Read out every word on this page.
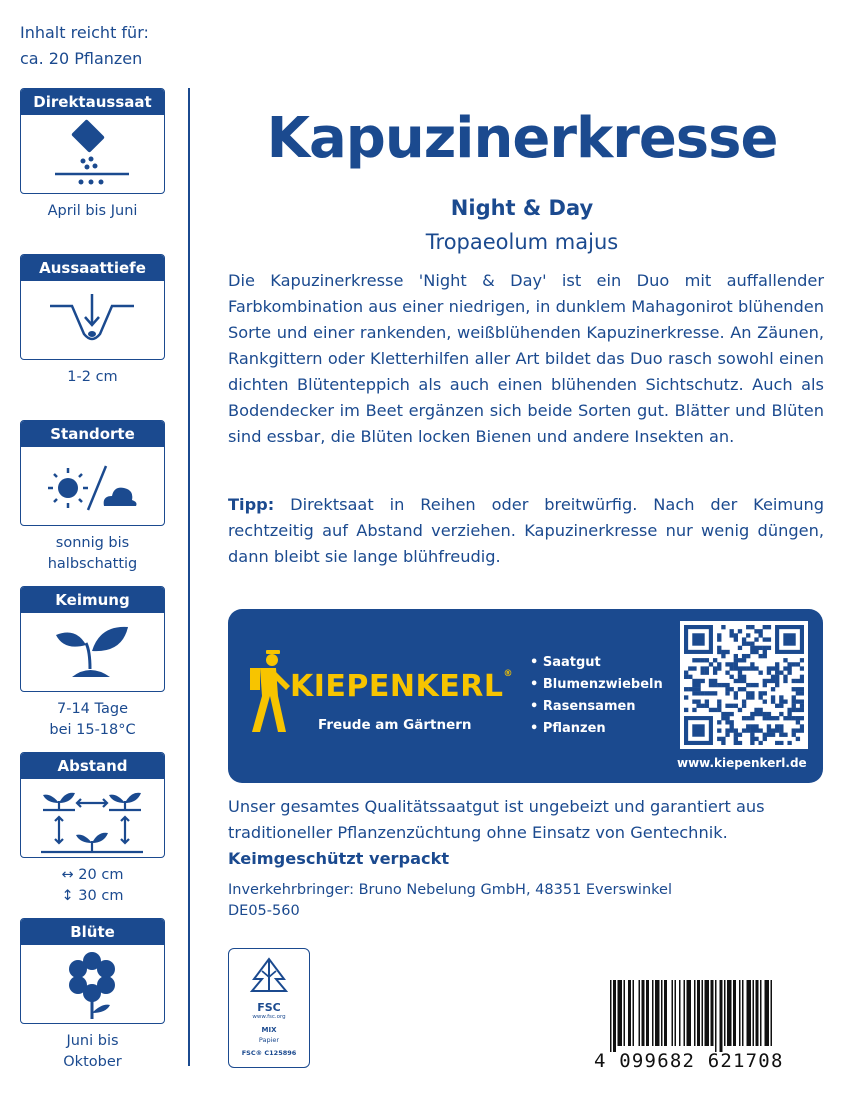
Inhalt reicht für:
ca. 20 Pflanzen
Direktaussaat
April bis Juni
Aussaattiefe
1-2 cm
Standorte
sonnig bis
halbschattig
Keimung
7-14 Tage
bei 15-18°C
Abstand
↔ 20 cm
↕ 30 cm
Blüte
Juni bis
Oktober
Kapuzinerkresse
Night & Day
Tropaeolum majus

Die Kapuzinerkresse 'Night & Day' ist ein Duo mit auffallender Farbkombination aus einer niedrigen, in dunklem Mahagonirot blühenden Sorte und einer rankenden, weißblühenden Kapuzinerkresse. An Zäunen, Rankgittern oder Kletterhilfen aller Art bildet das Duo rasch sowohl einen dichten Blütenteppich als auch einen blühenden Sichtschutz. Auch als Bodendecker im Beet ergänzen sich beide Sorten gut. Blätter und Blüten sind essbar, die Blüten locken Bienen und andere Insekten an.

Tipp: Direktsaat in Reihen oder breitwürfig. Nach der Keimung rechtzeitig auf Abstand verziehen. Kapuzinerkresse nur wenig düngen, dann bleibt sie lange blühfreudig.

KIEPENKERL®
Freude am Gärtnern
• Saatgut
• Blumenzwiebeln
• Rasensamen
• Pflanzen
www.kiepenkerl.de

Unser gesamtes Qualitätssaatgut ist ungebeizt und garantiert aus traditioneller Pflanzenzüchtung ohne Einsatz von Gentechnik.

Keimgeschützt verpackt
Inverkehrbringer: Bruno Nebelung GmbH, 48351 Everswinkel
DE05-560
FSC
www.fsc.org
MIX
Papier
FSC® C125896	4 099682 621708
